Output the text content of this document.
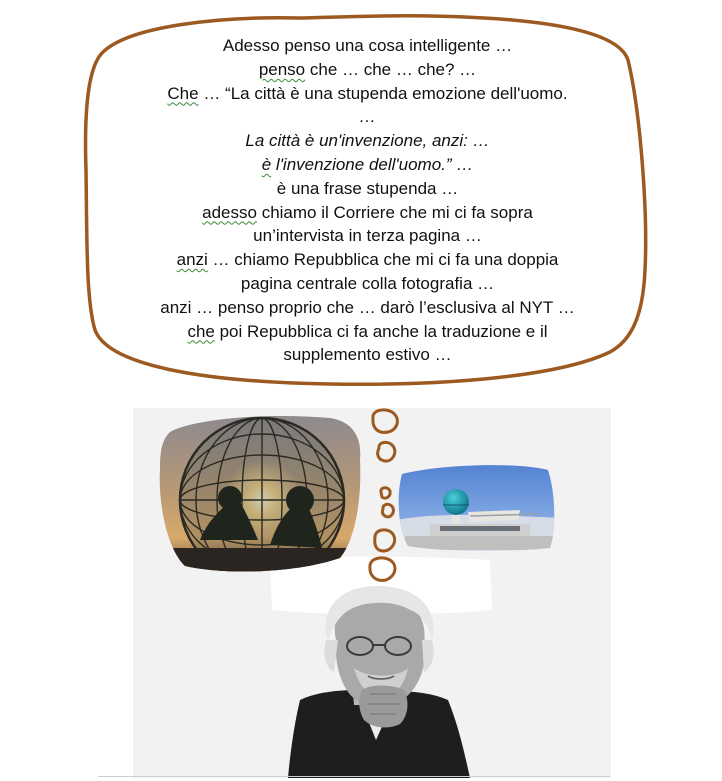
Adesso penso una cosa intelligente …
penso che … che … che? …
Che … “La città è una stupenda emozione dell'uomo.
…
La città è un'invenzione, anzi: …
è l'invenzione dell'uomo.” …
è una frase stupenda …
adesso chiamo il Corriere che mi ci fa sopra
un’intervista in terza pagina …
anzi … chiamo Repubblica che mi ci fa una doppia
pagina centrale colla fotografia …
anzi … penso proprio che … darò l’esclusiva al NYT …
che poi Repubblica ci fa anche la traduzione e il
supplemento estivo …
